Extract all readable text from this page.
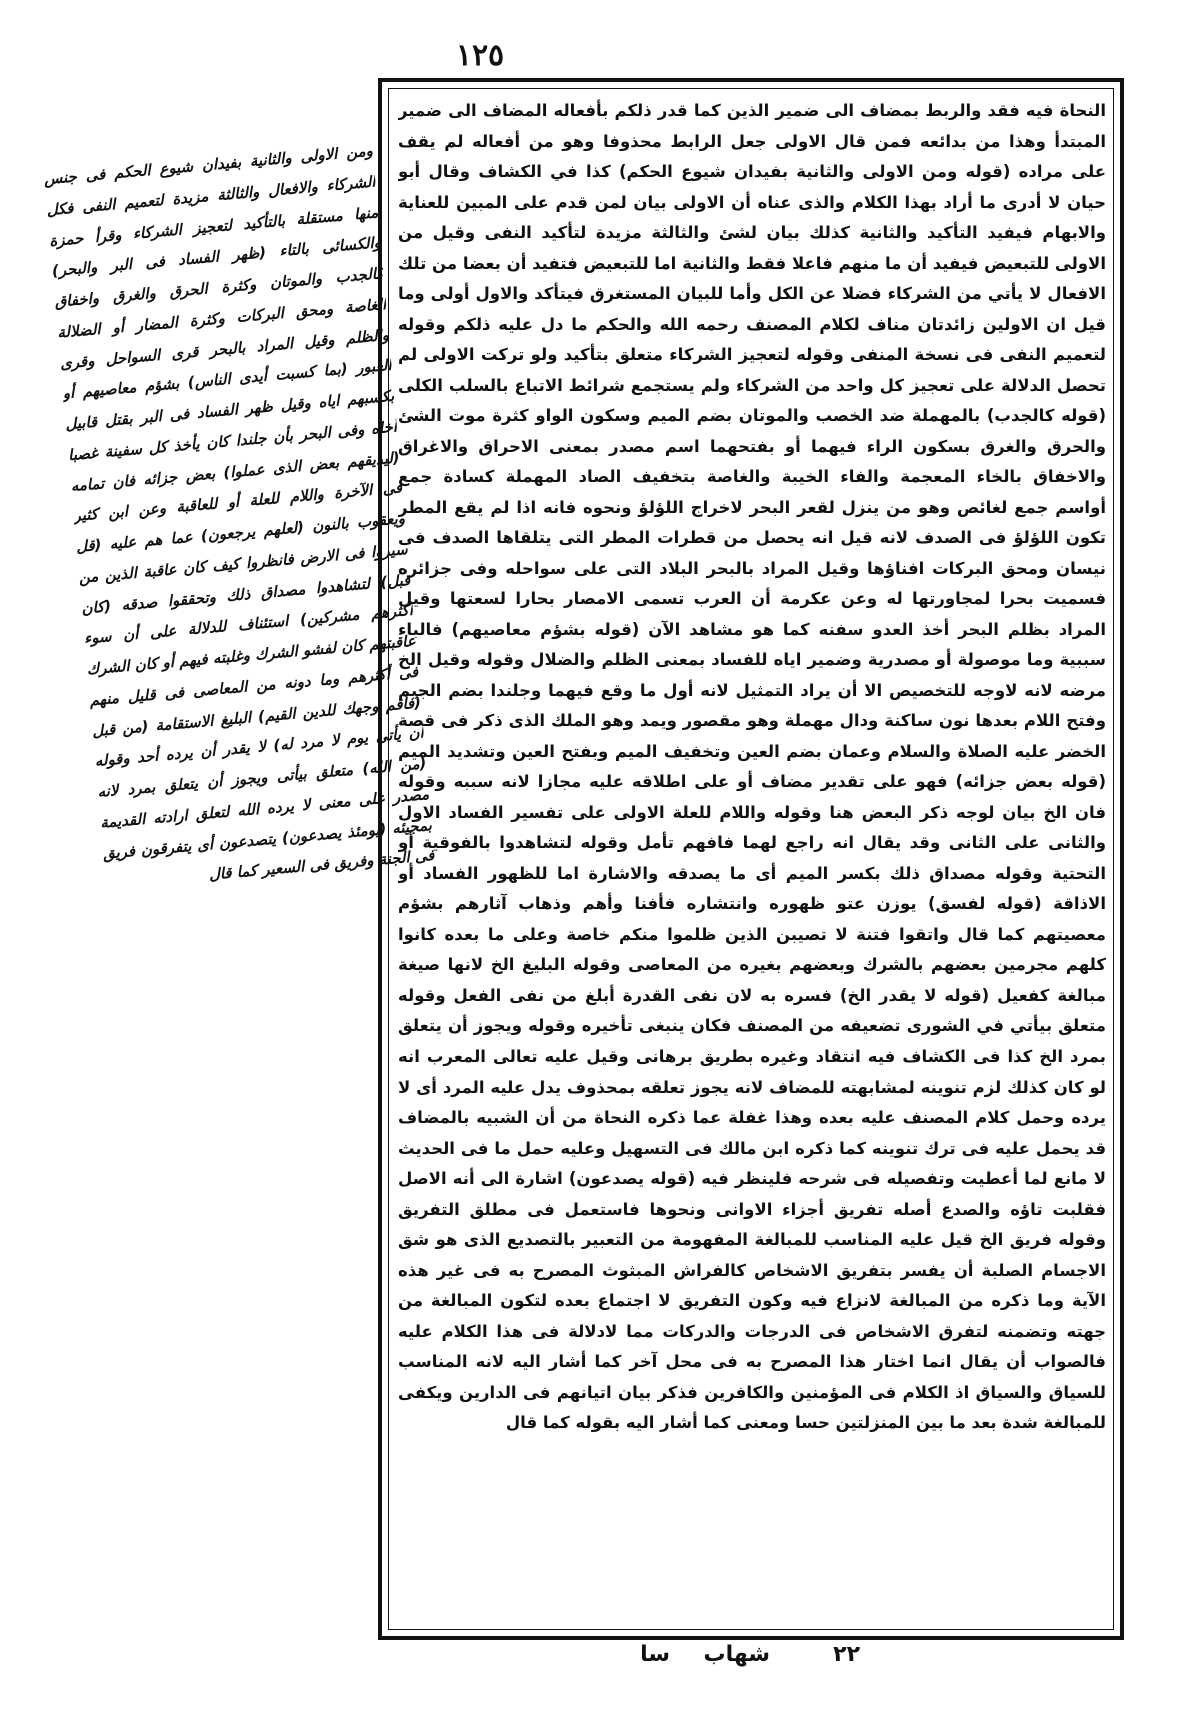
١٢٥

النحاة فيه فقد والربط بمضاف الى ضمير الذين كما قدر ذلكم بأفعاله المضاف الى ضمير المبتدأ وهذا من بدائعه فمن قال الاولى جعل الرابط محذوفا وهو من أفعاله لم يقف على مراده (قوله ومن الاولى والثانية بفيدان شيوع الحكم) كذا في الكشاف وقال أبو حيان لا أدرى ما أراد بهذا الكلام والذى عناه أن الاولى بيان لمن قدم على المبين للعناية والابهام فيفيد التأكيد والثانية كذلك بيان لشئ والثالثة مزيدة لتأكيد النفى وقيل من الاولى للتبعيض فيفيد أن ما منهم فاعلا فقط والثانية اما للتبعيض فتفيد أن بعضا من تلك الافعال لا يأتي من الشركاء فضلا عن الكل وأما للبيان المستغرق فيتأكد والاول أولى وما قيل ان الاولين زائدتان مناف لكلام المصنف رحمه الله والحكم ما دل عليه ذلكم وقوله لتعميم النفى فى نسخة المنفى وقوله لتعجيز الشركاء متعلق بتأكيد ولو تركت الاولى لم تحصل الدلالة على تعجيز كل واحد من الشركاء ولم يستجمع شرائط الاتباع بالسلب الكلى (قوله كالجدب) بالمهملة ضد الخصب والموتان بضم الميم وسكون الواو كثرة موت الشئ والحرق والغرق بسكون الراء فيهما أو بفتحهما اسم مصدر بمعنى الاحراق والاغراق والاخفاق بالخاء المعجمة والفاء الخيبة والغاصة بتخفيف الصاد المهملة كسادة جمع أواسم جمع لغائص وهو من ينزل لقعر البحر لاخراج اللؤلؤ ونحوه فانه اذا لم يقع المطر تكون اللؤلؤ فى الصدف لانه قيل انه يحصل من قطرات المطر التى يتلقاها الصدف فى نيسان ومحق البركات افناؤها وقيل المراد بالبحر البلاد التى على سواحله وفى جزائره فسميت بحرا لمجاورتها له وعن عكرمة أن العرب تسمى الامصار بحارا لسعتها وقيل المراد بظلم البحر أخذ العدو سفنه كما هو مشاهد الآن (قوله بشؤم معاصيهم) فالباء سببية وما موصولة أو مصدرية وضمير اياه للفساد بمعنى الظلم والضلال وقوله وقيل الخ مرضه لانه لاوجه للتخصيص الا أن يراد التمثيل لانه أول ما وقع فيهما وجلندا بضم الجيم وفتح اللام بعدها نون ساكنة ودال مهملة وهو مقصور ويمد وهو الملك الذى ذكر فى قصة الخضر عليه الصلاة والسلام وعمان بضم العين وتخفيف الميم وبفتح العين وتشديد الميم (قوله بعض جزائه) فهو على تقدير مضاف أو على اطلاقه عليه مجازا لانه سببه وقوله فان الخ بيان لوجه ذكر البعض هنا وقوله واللام للعلة الاولى على تفسير الفساد الاول والثانى على الثانى وقد يقال انه راجع لهما فافهم تأمل وقوله لتشاهدوا بالفوقية أو التحتية وقوله مصداق ذلك بكسر الميم أى ما يصدقه والاشارة اما للظهور الفساد أو الاذاقة (قوله لفسق) يوزن عتو ظهوره وانتشاره فأفنا وأهم وذهاب آثارهم بشؤم معصيتهم كما قال واتقوا فتنة لا تصيبن الذين ظلموا منكم خاصة وعلى ما بعده كانوا كلهم مجرمين بعضهم بالشرك وبعضهم بغيره من المعاصى وقوله البليغ الخ لانها صيغة مبالغة كفعيل (قوله لا يقدر الخ) فسره به لان نفى القدرة أبلغ من نفى الفعل وقوله متعلق بيأتي في الشورى تضعيفه من المصنف فكان ينبغى تأخيره وقوله ويجوز أن يتعلق بمرد الخ كذا فى الكشاف فيه انتقاد وغيره بطريق برهانى وقيل عليه تعالى المعرب انه لو كان كذلك لزم تنوينه لمشابهته للمضاف لانه يجوز تعلقه بمحذوف يدل عليه المرد أى لا يرده وحمل كلام المصنف عليه بعده وهذا غفلة عما ذكره النحاة من أن الشبيه بالمضاف قد يحمل عليه فى ترك تنوينه كما ذكره ابن مالك فى التسهيل وعليه حمل ما فى الحديث لا مانع لما أعطيت وتفصيله فى شرحه فلينظر فيه (قوله يصدعون) اشارة الى أنه الاصل فقلبت تاؤه والصدع أصله تفريق أجزاء الاوانى ونحوها فاستعمل فى مطلق التفريق وقوله فريق الخ قيل عليه المناسب للمبالغة المفهومة من التعبير بالتصديع الذى هو شق الاجسام الصلبة أن يفسر بتفريق الاشخاص كالفراش المبثوث المصرح به فى غير هذه الآية وما ذكره من المبالغة لانزاع فيه وكون التفريق لا اجتماع بعده لتكون المبالغة من جهته وتضمنه لتفرق الاشخاص فى الدرجات والدركات مما لادلالة فى هذا الكلام عليه فالصواب أن يقال انما اختار هذا المصرح به فى محل آخر كما أشار اليه لانه المناسب للسياق والسياق اذ الكلام فى المؤمنين والكافرين فذكر بيان اتيانهم فى الدارين ويكفى للمبالغة شدة بعد ما بين المنزلتين حسا ومعنى كما أشار اليه بقوله كما قال

ومن الاولى والثانية بفيدان شيوع الحكم فى جنس الشركاء والافعال والثالثة مزيدة لتعميم النفى فكل منها مستقلة بالتأكيد لتعجيز الشركاء وقرأ حمزة والكسائى بالتاء (ظهر الفساد فى البر والبحر) كالجدب والموتان وكثرة الحرق والغرق واخفاق الغاصة ومحق البركات وكثرة المضار أو الضلالة والظلم وقيل المراد بالبحر قرى السواحل وقرى العبور (بما كسبت أيدى الناس) بشؤم معاصيهم أو بكسبهم اياه وقيل ظهر الفساد فى البر بقتل قابيل أخاه وفى البحر بأن جلندا كان يأخذ كل سفينة غصبا (ليذيقهم بعض الذى عملوا) بعض جزائه فان تمامه فى الآخرة واللام للعلة أو للعاقبة وعن ابن كثير ويعقوب بالنون (لعلهم يرجعون) عما هم عليه (قل سيروا فى الارض فانظروا كيف كان عاقبة الذين من قبل) لتشاهدوا مصداق ذلك وتحققوا صدقه (كان أكثرهم مشركين) استئناف للدلالة على أن سوء عاقبتهم كان لفشو الشرك وغلبته فيهم أو كان الشرك فى أكثرهم وما دونه من المعاصى فى قليل منهم (فأقم وجهك للدين القيم) البليغ الاستقامة (من قبل أن يأتى يوم لا مرد له) لا يقدر أن يرده أحد وقوله (من الله) متعلق بيأتى ويجوز أن يتعلق بمرد لانه مصدر على معنى لا يرده الله لتعلق ارادته القديمة بمجيئه (يومئذ يصدعون) يتصدعون أى يتفرقون فريق فى الجنة وفريق فى السعير كما قال

٢٢
شهاب
سا
